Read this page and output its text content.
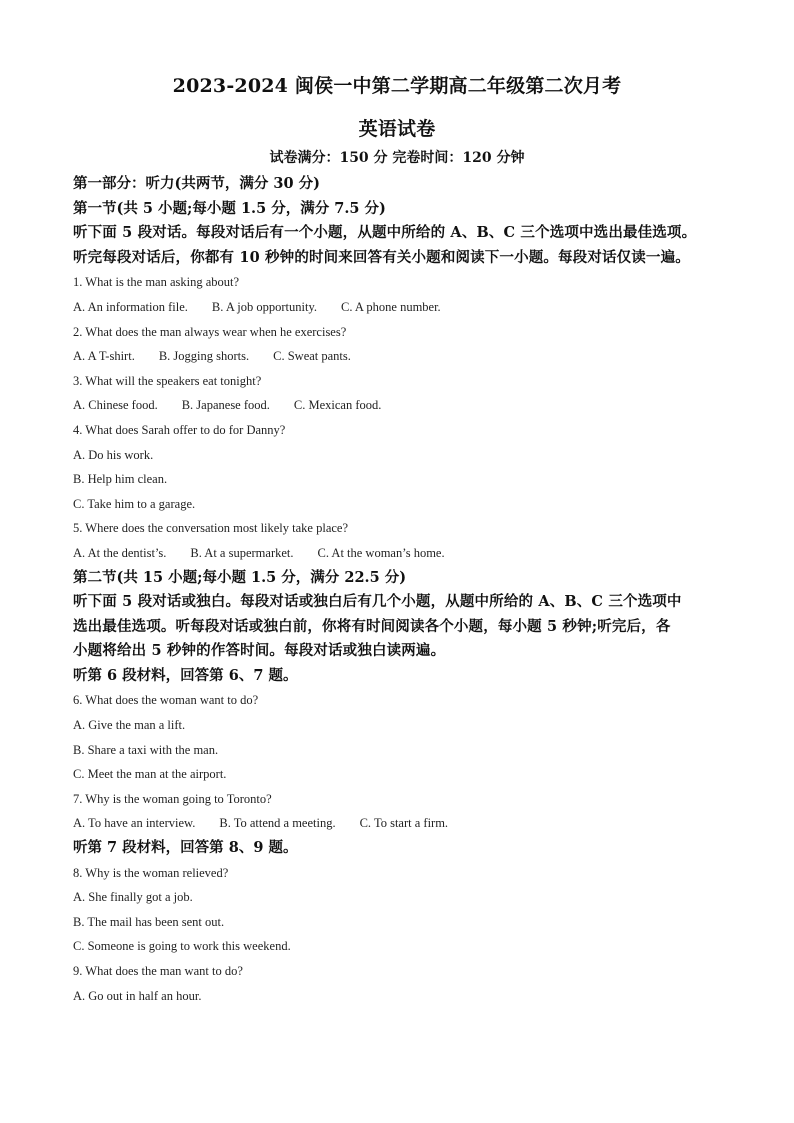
2023-2024 闽侯一中第二学期高二年级第二次月考
英语试卷
试卷满分：150 分 完卷时间：120 分钟
第一部分：听力(共两节，满分 30 分)
第一节(共 5 小题;每小题 1.5 分，满分 7.5 分)
听下面 5 段对话。每段对话后有一个小题，从题中所给的 A、B、C 三个选项中选出最佳选项。
听完每段对话后，你都有 10 秒钟的时间来回答有关小题和阅读下一小题。每段对话仅读一遍。
1. What is the man asking about?
A. An information file. B. A job opportunity. C. A phone number.
2. What does the man always wear when he exercises?
A. A T-shirt. B. Jogging shorts. C. Sweat pants.
3. What will the speakers eat tonight?
A. Chinese food. B. Japanese food. C. Mexican food.
4. What does Sarah offer to do for Danny?
A. Do his work.
B. Help him clean.
C. Take him to a garage.
5. Where does the conversation most likely take place?
A. At the dentist’s. B. At a supermarket. C. At the woman’s home.
第二节(共 15 小题;每小题 1.5 分，满分 22.5 分)
听下面 5 段对话或独白。每段对话或独白后有几个小题，从题中所给的 A、B、C 三个选项中
选出最佳选项。听每段对话或独白前，你将有时间阅读各个小题，每小题 5 秒钟;听完后，各
小题将给出 5 秒钟的作答时间。每段对话或独白读两遍。
听第 6 段材料，回答第 6、7 题。
6. What does the woman want to do?
A. Give the man a lift.
B. Share a taxi with the man.
C. Meet the man at the airport.
7. Why is the woman going to Toronto?
A. To have an interview. B. To attend a meeting. C. To start a firm.
听第 7 段材料，回答第 8、9 题。
8. Why is the woman relieved?
A. She finally got a job.
B. The mail has been sent out.
C. Someone is going to work this weekend.
9. What does the man want to do?
A. Go out in half an hour.
